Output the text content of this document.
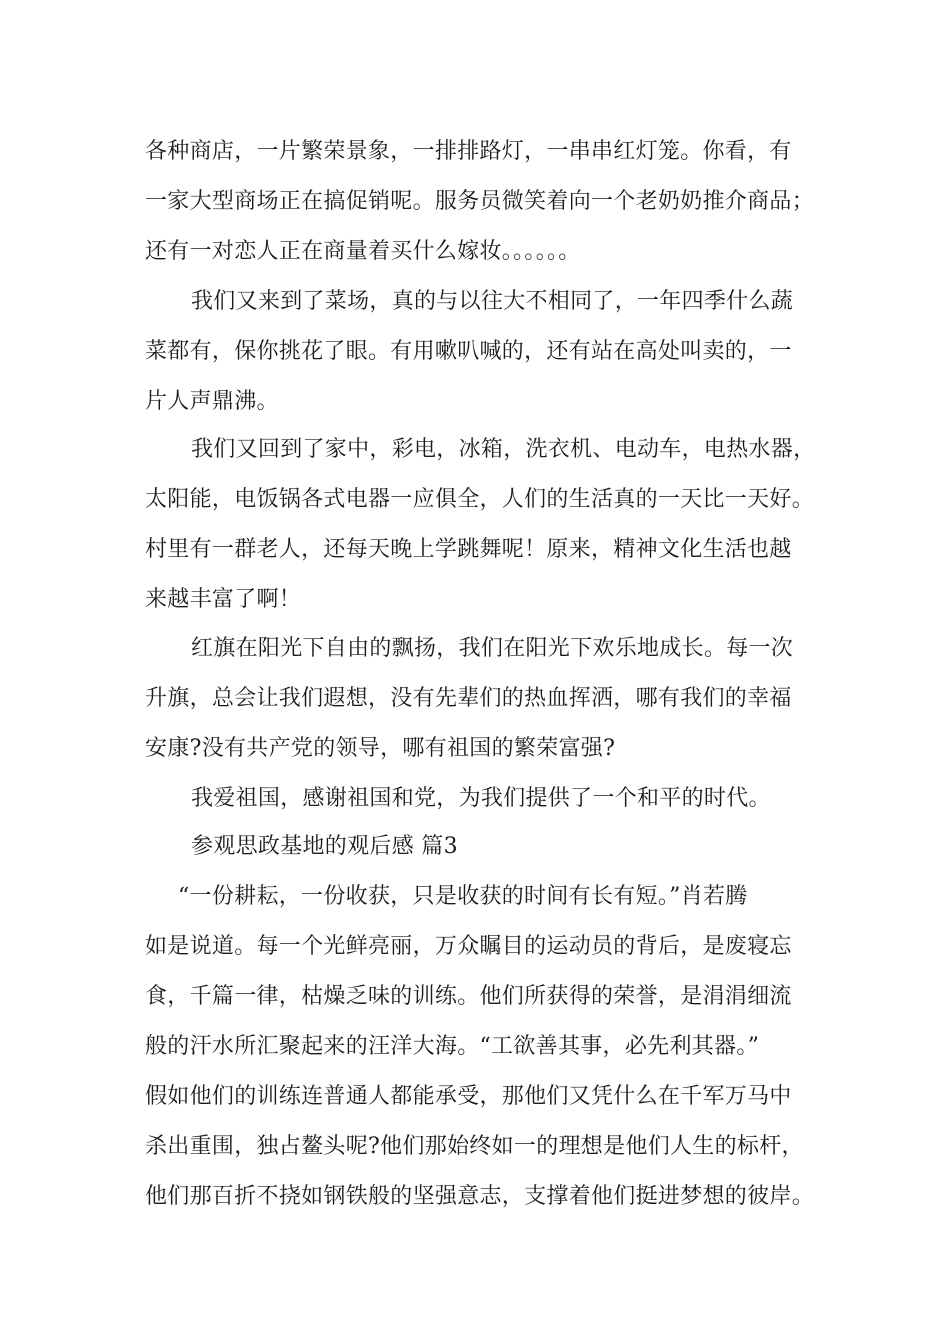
各种商店，一片繁荣景象，一排排路灯，一串串红灯笼。你看，有
一家大型商场正在搞促销呢。服务员微笑着向一个老奶奶推介商品；
还有一对恋人正在商量着买什么嫁妆。。。。。。
我们又来到了菜场，真的与以往大不相同了，一年四季什么蔬
菜都有，保你挑花了眼。有用嗽叭喊的，还有站在高处叫卖的，一
片人声鼎沸。
我们又回到了家中，彩电，冰箱，洗衣机、电动车，电热水器，
太阳能，电饭锅各式电器一应俱全，人们的生活真的一天比一天好。
村里有一群老人，还每天晚上学跳舞呢！原来，精神文化生活也越
来越丰富了啊！
红旗在阳光下自由的飘扬，我们在阳光下欢乐地成长。每一次
升旗，总会让我们遐想，没有先辈们的热血挥洒，哪有我们的幸福
安康?没有共产党的领导，哪有祖国的繁荣富强?
我爱祖国，感谢祖国和党，为我们提供了一个和平的时代。
参观思政基地的观后感 篇3
“一份耕耘，一份收获，只是收获的时间有长有短。”肖若腾
如是说道。每一个光鲜亮丽，万众瞩目的运动员的背后，是废寝忘
食，千篇一律，枯燥乏味的训练。他们所获得的荣誉，是涓涓细流
般的汗水所汇聚起来的汪洋大海。“工欲善其事，必先利其器。”
假如他们的训练连普通人都能承受，那他们又凭什么在千军万马中
杀出重围，独占鳌头呢?他们那始终如一的理想是他们人生的标杆，
他们那百折不挠如钢铁般的坚强意志，支撑着他们挺进梦想的彼岸。
